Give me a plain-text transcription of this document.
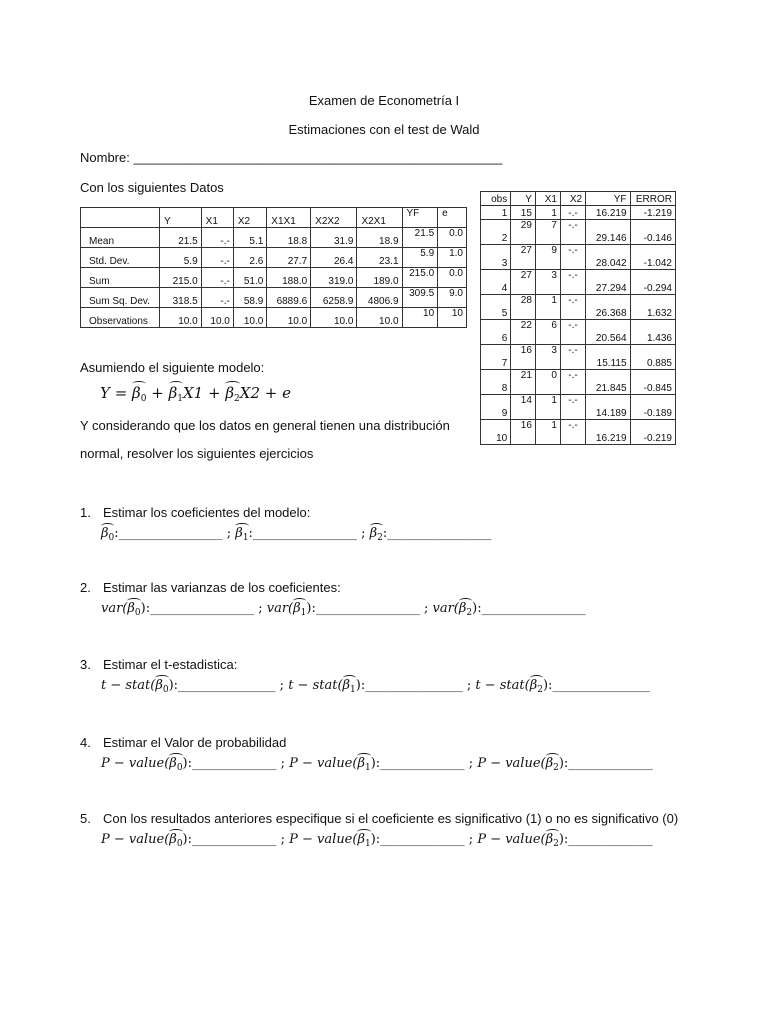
Examen de Econometría I
Estimaciones con el test de Wald
Nombre: ___________________________________________________
Con los siguientes Datos
	Y	X1	X2	X1X1	X2X2	X2X1	YF	e
Mean	21.5	-.-	5.1	18.8	31.9	18.9	21.5	0.0
Std. Dev.	5.9	-.-	2.6	27.7	26.4	23.1	5.9	1.0
Sum	215.0	-.-	51.0	188.0	319.0	189.0	215.0	0.0
Sum Sq. Dev.	318.5	-.-	58.9	6889.6	6258.9	4806.9	309.5	9.0
Observations	10.0	10.0	10.0	10.0	10.0	10.0	10	10
obs	Y	X1	X2	YF	ERROR
1	15	1	-.-	16.219	-1.219
2	29	7	-.-	29.146	-0.146
3	27	9	-.-	28.042	-1.042
4	27	3	-.-	27.294	-0.294
5	28	1	-.-	26.368	1.632
6	22	6	-.-	20.564	1.436
7	16	3	-.-	15.115	0.885
8	21	0	-.-	21.845	-0.845
9	14	1	-.-	14.189	-0.189
10	16	1	-.-	16.219	-0.219
Asumiendo el siguiente modelo:
$Y = \beta_0 + \beta_1X1 + \beta_2X2 + e$
Y considerando que los datos en general tienen una distribución
normal, resolver los siguientes ejercicios
1. Estimar los coeficientes del modelo:
$\beta_0:\_\_\_\_\_\_\_\_\_\_\_\_\_\_\_\_$ ; $\beta_1:\_\_\_\_\_\_\_\_\_\_\_\_\_\_\_\_$ ; $\beta_2:\_\_\_\_\_\_\_\_\_\_\_\_\_\_\_\_$
2. Estimar las varianzas de los coeficientes:
$var(\beta_0):\_\_\_\_\_\_\_\_\_\_\_\_\_\_\_\_$ ; $var(\beta_1):\_\_\_\_\_\_\_\_\_\_\_\_\_\_\_\_$ ; $var(\beta_2):\_\_\_\_\_\_\_\_\_\_\_\_\_\_\_\_$
3. Estimar el t-estadistica:
$t - stat(\beta_0):\_\_\_\_\_\_\_\_\_\_\_\_\_\_\_$ ; $t - stat(\beta_1):\_\_\_\_\_\_\_\_\_\_\_\_\_\_\_$ ; $t - stat(\beta_2):\_\_\_\_\_\_\_\_\_\_\_\_\_\_\_$
4. Estimar el Valor de probabilidad
$P - value(\beta_0):\_\_\_\_\_\_\_\_\_\_\_\_\_$ ; $P - value(\beta_1):\_\_\_\_\_\_\_\_\_\_\_\_\_$ ; $P - value(\beta_2):\_\_\_\_\_\_\_\_\_\_\_\_\_$
5. Con los resultados anteriores especifique si el coeficiente es significativo (1) o no es significativo (0)
$P - value(\beta_0):\_\_\_\_\_\_\_\_\_\_\_\_\_$ ; $P - value(\beta_1):\_\_\_\_\_\_\_\_\_\_\_\_\_$ ; $P - value(\beta_2):\_\_\_\_\_\_\_\_\_\_\_\_\_$
